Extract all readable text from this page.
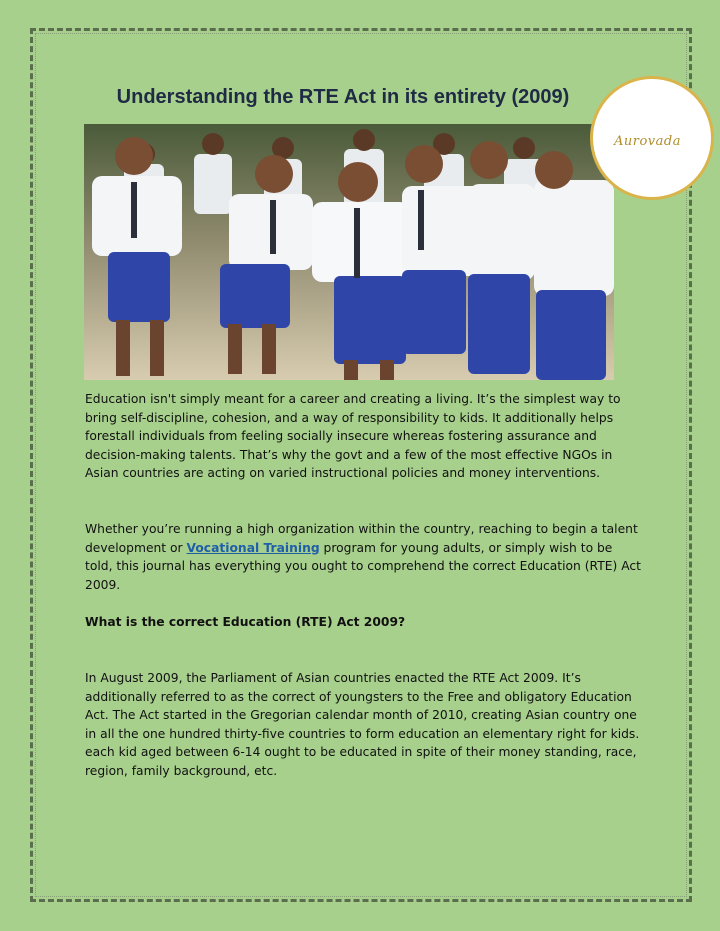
Understanding the RTE Act in its entirety (2009)
Aurovada

Education isn't simply meant for a career and creating a living. It’s the simplest way to bring self-discipline, cohesion, and a way of responsibility to kids. It additionally helps forestall individuals from feeling socially insecure whereas fostering assurance and decision-making talents. That’s why the govt and a few of the most effective NGOs in Asian countries are acting on varied instructional policies and money interventions.

Whether you’re running a high organization within the country, reaching to begin a talent development or Vocational Training program for young adults, or simply wish to be told, this journal has everything you ought to comprehend the correct Education (RTE) Act 2009.

What is the correct Education (RTE) Act 2009?

In August 2009, the Parliament of Asian countries enacted the RTE Act 2009. It’s additionally referred to as the correct of youngsters to the Free and obligatory Education Act. The Act started in the Gregorian calendar month of 2010, creating Asian country one in all the one hundred thirty-five countries to form education an elementary right for kids. each kid aged between 6-14 ought to be educated in spite of their money standing, race, region, family background, etc.
